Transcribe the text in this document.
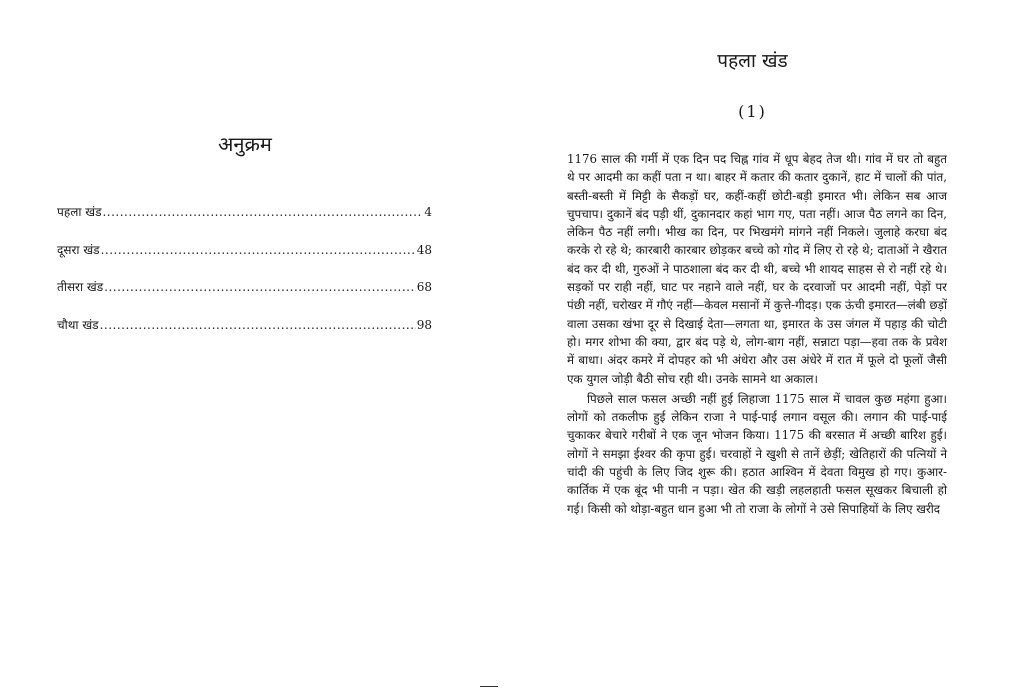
अनुक्रम
पहला खंड .....	4
दूसरा खंड .....	48
तीसरा खंड .....	68
चौथा खंड .....	98
पहला खंड
(1)

1176 साल की गर्मी में एक दिन पद चिह्न गांव में धूप बेहद तेज थी। गांव में घर तो बहुत थे पर आदमी का कहीं पता न था। बाहर में कतार की कतार दुकानें, हाट में चालों की पांत, बस्ती-बस्ती में मिट्टी के सैकड़ों घर, कहीं-कहीं छोटी-बड़ी इमारत भी। लेकिन सब आज चुपचाप। दुकानें बंद पड़ी थीं, दुकानदार कहां भाग गए, पता नहीं। आज पैठ लगने का दिन, लेकिन पैठ नहीं लगी। भीख का दिन, पर भिखमंगे मांगने नहीं निकले। जुलाहे करघा बंद करके रो रहे थे; कारबारी कारबार छोड़कर बच्चे को गोद में लिए रो रहे थे; दाताओं ने खैरात बंद कर दी थी, गुरुओं ने पाठशाला बंद कर दी थी, बच्चे भी शायद साहस से रो नहीं रहे थे। सड़कों पर राही नहीं, घाट पर नहाने वाले नहीं, घर के दरवाजों पर आदमी नहीं, पेड़ों पर पंछी नहीं, चरोखर में गौएं नहीं—केवल मसानों में कुत्ते-गीदड़। एक ऊंची इमारत—लंबी छड़ों वाला उसका खंभा दूर से दिखाई देता—लगता था, इमारत के उस जंगल में पहाड़ की चोटी हो। मगर शोभा की क्या, द्वार बंद पड़े थे, लोग-बाग नहीं, सन्नाटा पड़ा—हवा तक के प्रवेश में बाधा। अंदर कमरे में दोपहर को भी अंधेरा और उस अंधेरे में रात में फूले दो फूलों जैसी एक युगल जोड़ी बैठी सोच रही थी। उनके सामने था अकाल।

पिछले साल फसल अच्छी नहीं हुई लिहाजा 1175 साल में चावल कुछ महंगा हुआ। लोगों को तकलीफ हुई लेकिन राजा ने पाई-पाई लगान वसूल की। लगान की पाई-पाई चुकाकर बेचारे गरीबों ने एक जून भोजन किया। 1175 की बरसात में अच्छी बारिश हुई। लोगों ने समझा ईश्वर की कृपा हुई। चरवाहों ने खुशी से तानें छेड़ीं; खेतिहारों की पत्नियों ने चांदी की पहुंची के लिए जिद शुरू की। हठात आश्विन में देवता विमुख हो गए। कुआर-कार्तिक में एक बूंद भी पानी न पड़ा। खेत की खड़ी लहलहाती फसल सूखकर बिचाली हो गई। किसी को थोड़ा-बहुत धान हुआ भी तो राजा के लोगों ने उसे सिपाहियों के लिए खरीद
